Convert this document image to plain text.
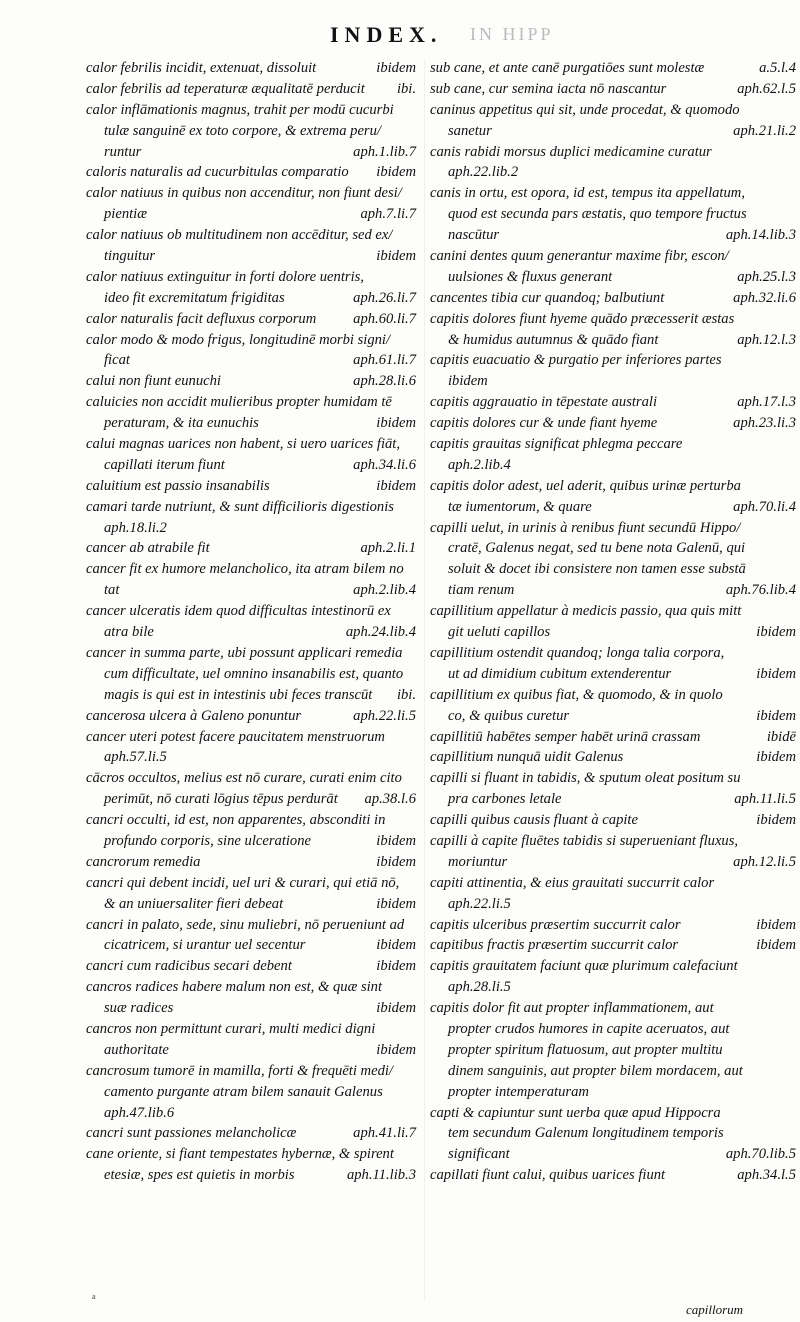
INDEX. IN HIPP
calor febrilis incidit, extenuat, dissoluit	ibidem
calor febrilis ad teperaturæ æqualitatē perducit ibi.
calor inflāmationis magnus, trahit per modū cucurbi
tulæ sanguinē ex toto corpore, & extrema peru/
runtur	aph.1.lib.7
caloris naturalis ad cucurbitulas comparatio ibidem
calor natiuus in quibus non accenditur, non fiunt desi/
pientiæ	aph.7.li.7
calor natiuus ob multitudinem non accēditur, sed ex/
tinguitur	ibidem
calor natiuus extinguitur in forti dolore uentris,
ideo fit excremitatum frigiditas	aph.26.li.7
calor naturalis facit defluxus corporum	aph.60.li.7
calor modo & modo frigus, longitudinē morbi signi/
ficat	aph.61.li.7
calui non fiunt eunuchi	aph.28.li.6
caluicies non accidit mulieribus propter humidam tē
peraturam, & ita eunuchis	ibidem
calui magnas uarices non habent, si uero uarices fiāt,
capillati iterum fiunt	aph.34.li.6
caluitium est passio insanabilis	ibidem
camari tarde nutriunt, & sunt difficilioris digestionis
aph.18.li.2
cancer ab atrabile fit	aph.2.li.1
cancer fit ex humore melancholico, ita atram bilem no
tat	aph.2.lib.4
cancer ulceratis idem quod difficultas intestinorū ex
atra bile	aph.24.lib.4
cancer in summa parte, ubi possunt applicari remedia
cum difficultate, uel omnino insanabilis est, quanto
magis is qui est in intestinis ubi feces transcūt ibi.
cancerosa ulcera à Galeno ponuntur	aph.22.li.5
cancer uteri potest facere paucitatem menstruorum
aph.57.li.5
cācros occultos, melius est nō curare, curati enim cito
perimūt, nō curati lōgius tēpus perdurāt ap.38.l.6
cancri occulti, id est, non apparentes, absconditi in
profundo corporis, sine ulceratione	ibidem
cancrorum remedia	ibidem
cancri qui debent incidi, uel uri & curari, qui etiā nō,
& an uniuersaliter fieri debeat	ibidem
cancri in palato, sede, sinu muliebri, nō perueniunt ad
cicatricem, si urantur uel secentur	ibidem
cancri cum radicibus secari debent	ibidem
cancros radices habere malum non est, & quæ sint
suæ radices	ibidem
cancros non permittunt curari, multi medici digni
authoritate	ibidem
cancrosum tumorē in mamilla, forti & frequēti medi/
camento purgante atram bilem sanauit Galenus
aph.47.lib.6
cancri sunt passiones melancholicæ	aph.41.li.7
cane oriente, si fiant tempestates hybernæ, & spirent
etesiæ, spes est quietis in morbis	aph.11.lib.3
sub cane, et ante canē purgatiōes sunt molestæ	a.5.l.4
sub cane, cur semina iacta nō nascantur	aph.62.l.5
caninus appetitus qui sit, unde procedat, & quomodo
sanetur	aph.21.li.2
canis rabidi morsus duplici medicamine curatur
aph.22.lib.2
canis in ortu, est opora, id est, tempus ita appellatum,
quod est secunda pars æstatis, quo tempore fructus
nascūtur	aph.14.lib.3
canini dentes quum generantur maxime fibr, escon/
uulsiones & fluxus generant	aph.25.l.3
cancentes tibia cur quandoq; balbutiunt	aph.32.li.6
capitis dolores fiunt hyeme quādo præcesserit æstas
& humidus autumnus & quādo fiant	aph.12.l.3
capitis euacuatio & purgatio per inferiores partes
ibidem
capitis aggrauatio in tēpestate australi	aph.17.l.3
capitis dolores cur & unde fiant hyeme	aph.23.li.3
capitis grauitas significat phlegma peccare
aph.2.lib.4
capitis dolor adest, uel aderit, quibus urinæ perturba
tæ iumentorum, & quare	aph.70.li.4
capilli uelut, in urinis à renibus fiunt secundū Hippo/
cratē, Galenus negat, sed tu bene nota Galenū, qui
soluit & docet ibi consistere non tamen esse substā
tiam renum	aph.76.lib.4
capillitium appellatur à medicis passio, qua quis mitt
git ueluti capillos	ibidem
capillitium ostendit quandoq; longa talia corpora,
ut ad dimidium cubitum extenderentur	ibidem
capillitium ex quibus fiat, & quomodo, & in quolo
co, & quibus curetur	ibidem
capillitiū habētes semper habēt urinā crassam	ibidē
capillitium nunquā uidit Galenus	ibidem
capilli si fluant in tabidis, & sputum oleat positum su
pra carbones letale	aph.11.li.5
capilli quibus causis fluant à capite	ibidem
capilli à capite fluētes tabidis si superueniant fluxus,
moriuntur	aph.12.li.5
capiti attinentia, & eius grauitati succurrit calor
aph.22.li.5
capitis ulceribus præsertim succurrit calor	ibidem
capitibus fractis præsertim succurrit calor	ibidem
capitis grauitatem faciunt quæ plurimum calefaciunt
aph.28.li.5
capitis dolor fit aut propter inflammationem, aut
propter crudos humores in capite aceruatos, aut
propter spiritum flatuosum, aut propter multitu
dinem sanguinis, aut propter bilem mordacem, aut
propter intemperaturam
capti & capiuntur sunt uerba quæ apud Hippocra
tem secundum Galenum longitudinem temporis
significant	aph.70.lib.5
capillati fiunt calui, quibus uarices fiunt	aph.34.l.5
ᵃ
capillorum
